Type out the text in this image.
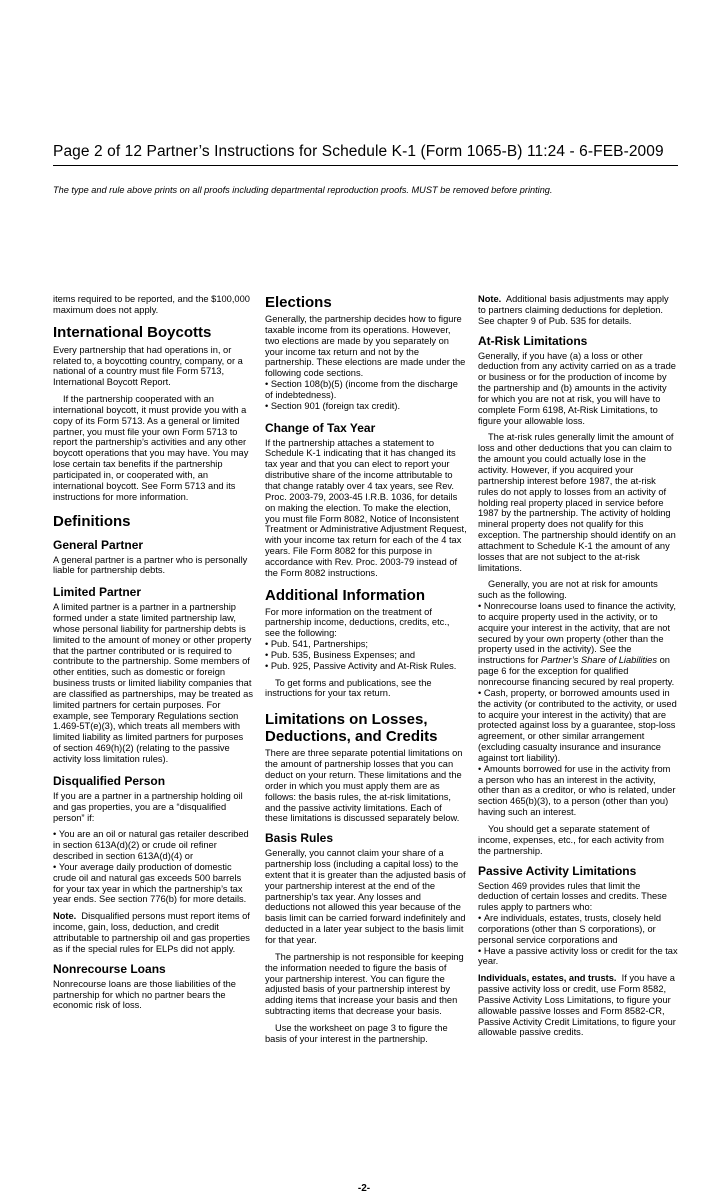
Page 2 of 12 Partner’s Instructions for Schedule K-1 (Form 1065-B) 11:24 - 6-FEB-2009
The type and rule above prints on all proofs including departmental reproduction proofs. MUST be removed before printing.

items required to be reported, and the $100,000 maximum does not apply.

International Boycotts

Every partnership that had operations in, or related to, a boycotting country, company, or a national of a country must file Form 5713, International Boycott Report.

If the partnership cooperated with an international boycott, it must provide you with a copy of its Form 5713. As a general or limited partner, you must file your own Form 5713 to report the partnership’s activities and any other boycott operations that you may have. You may lose certain tax benefits if the partnership participated in, or cooperated with, an international boycott. See Form 5713 and its instructions for more information.

Definitions
General Partner

A general partner is a partner who is personally liable for partnership debts.

Limited Partner

A limited partner is a partner in a partnership formed under a state limited partnership law, whose personal liability for partnership debts is limited to the amount of money or other property that the partner contributed or is required to contribute to the partnership. Some members of other entities, such as domestic or foreign business trusts or limited liability companies that are classified as partnerships, may be treated as limited partners for certain purposes. For example, see Temporary Regulations section 1.469-5T(e)(3), which treats all members with limited liability as limited partners for purposes of section 469(h)(2) (relating to the passive activity loss limitation rules).

Disqualified Person

If you are a partner in a partnership holding oil and gas properties, you are a “disqualified person” if:

• You are an oil or natural gas retailer described in section 613A(d)(2) or crude oil refiner described in section 613A(d)(4) or

• Your average daily production of domestic crude oil and natural gas exceeds 500 barrels for your tax year in which the partnership’s tax year ends. See section 776(b) for more details.

Note. Disqualified persons must report items of income, gain, loss, deduction, and credit attributable to partnership oil and gas properties as if the special rules for ELPs did not apply.

Nonrecourse Loans

Nonrecourse loans are those liabilities of the partnership for which no partner bears the economic risk of loss.

Elections

Generally, the partnership decides how to figure taxable income from its operations. However, two elections are made by you separately on your income tax return and not by the partnership. These elections are made under the following code sections.

• Section 108(b)(5) (income from the discharge of indebtedness).

• Section 901 (foreign tax credit).

Change of Tax Year

If the partnership attaches a statement to Schedule K-1 indicating that it has changed its tax year and that you can elect to report your distributive share of the income attributable to that change ratably over 4 tax years, see Rev. Proc. 2003-79, 2003-45 I.R.B. 1036, for details on making the election. To make the election, you must file Form 8082, Notice of Inconsistent Treatment or Administrative Adjustment Request, with your income tax return for each of the 4 tax years. File Form 8082 for this purpose in accordance with Rev. Proc. 2003-79 instead of the Form 8082 instructions.

Additional Information

For more information on the treatment of partnership income, deductions, credits, etc., see the following:

• Pub. 541, Partnerships;

• Pub. 535, Business Expenses; and

• Pub. 925, Passive Activity and At-Risk Rules.

To get forms and publications, see the instructions for your tax return.

Limitations on Losses, Deductions, and Credits

There are three separate potential limitations on the amount of partnership losses that you can deduct on your return. These limitations and the order in which you must apply them are as follows: the basis rules, the at-risk limitations, and the passive activity limitations. Each of these limitations is discussed separately below.

Basis Rules

Generally, you cannot claim your share of a partnership loss (including a capital loss) to the extent that it is greater than the adjusted basis of your partnership interest at the end of the partnership’s tax year. Any losses and deductions not allowed this year because of the basis limit can be carried forward indefinitely and deducted in a later year subject to the basis limit for that year.

The partnership is not responsible for keeping the information needed to figure the basis of your partnership interest. You can figure the adjusted basis of your partnership interest by adding items that increase your basis and then subtracting items that decrease your basis.

Use the worksheet on page 3 to figure the basis of your interest in the partnership.

Note. Additional basis adjustments may apply to partners claiming deductions for depletion. See chapter 9 of Pub. 535 for details.

At-Risk Limitations

Generally, if you have (a) a loss or other deduction from any activity carried on as a trade or business or for the production of income by the partnership and (b) amounts in the activity for which you are not at risk, you will have to complete Form 6198, At-Risk Limitations, to figure your allowable loss.

The at-risk rules generally limit the amount of loss and other deductions that you can claim to the amount you could actually lose in the activity. However, if you acquired your partnership interest before 1987, the at-risk rules do not apply to losses from an activity of holding real property placed in service before 1987 by the partnership. The activity of holding mineral property does not qualify for this exception. The partnership should identify on an attachment to Schedule K-1 the amount of any losses that are not subject to the at-risk limitations.

Generally, you are not at risk for amounts such as the following.

• Nonrecourse loans used to finance the activity, to acquire property used in the activity, or to acquire your interest in the activity, that are not secured by your own property (other than the property used in the activity). See the instructions for Partner’s Share of Liabilities on page 6 for the exception for qualified nonrecourse financing secured by real property.

• Cash, property, or borrowed amounts used in the activity (or contributed to the activity, or used to acquire your interest in the activity) that are protected against loss by a guarantee, stop-loss agreement, or other similar arrangement (excluding casualty insurance and insurance against tort liability).

• Amounts borrowed for use in the activity from a person who has an interest in the activity, other than as a creditor, or who is related, under section 465(b)(3), to a person (other than you) having such an interest.

You should get a separate statement of income, expenses, etc., for each activity from the partnership.

Passive Activity Limitations

Section 469 provides rules that limit the deduction of certain losses and credits. These rules apply to partners who:

• Are individuals, estates, trusts, closely held corporations (other than S corporations), or personal service corporations and

• Have a passive activity loss or credit for the tax year.

Individuals, estates, and trusts. If you have a passive activity loss or credit, use Form 8582, Passive Activity Loss Limitations, to figure your allowable passive losses and Form 8582-CR, Passive Activity Credit Limitations, to figure your allowable passive credits.

-2-
